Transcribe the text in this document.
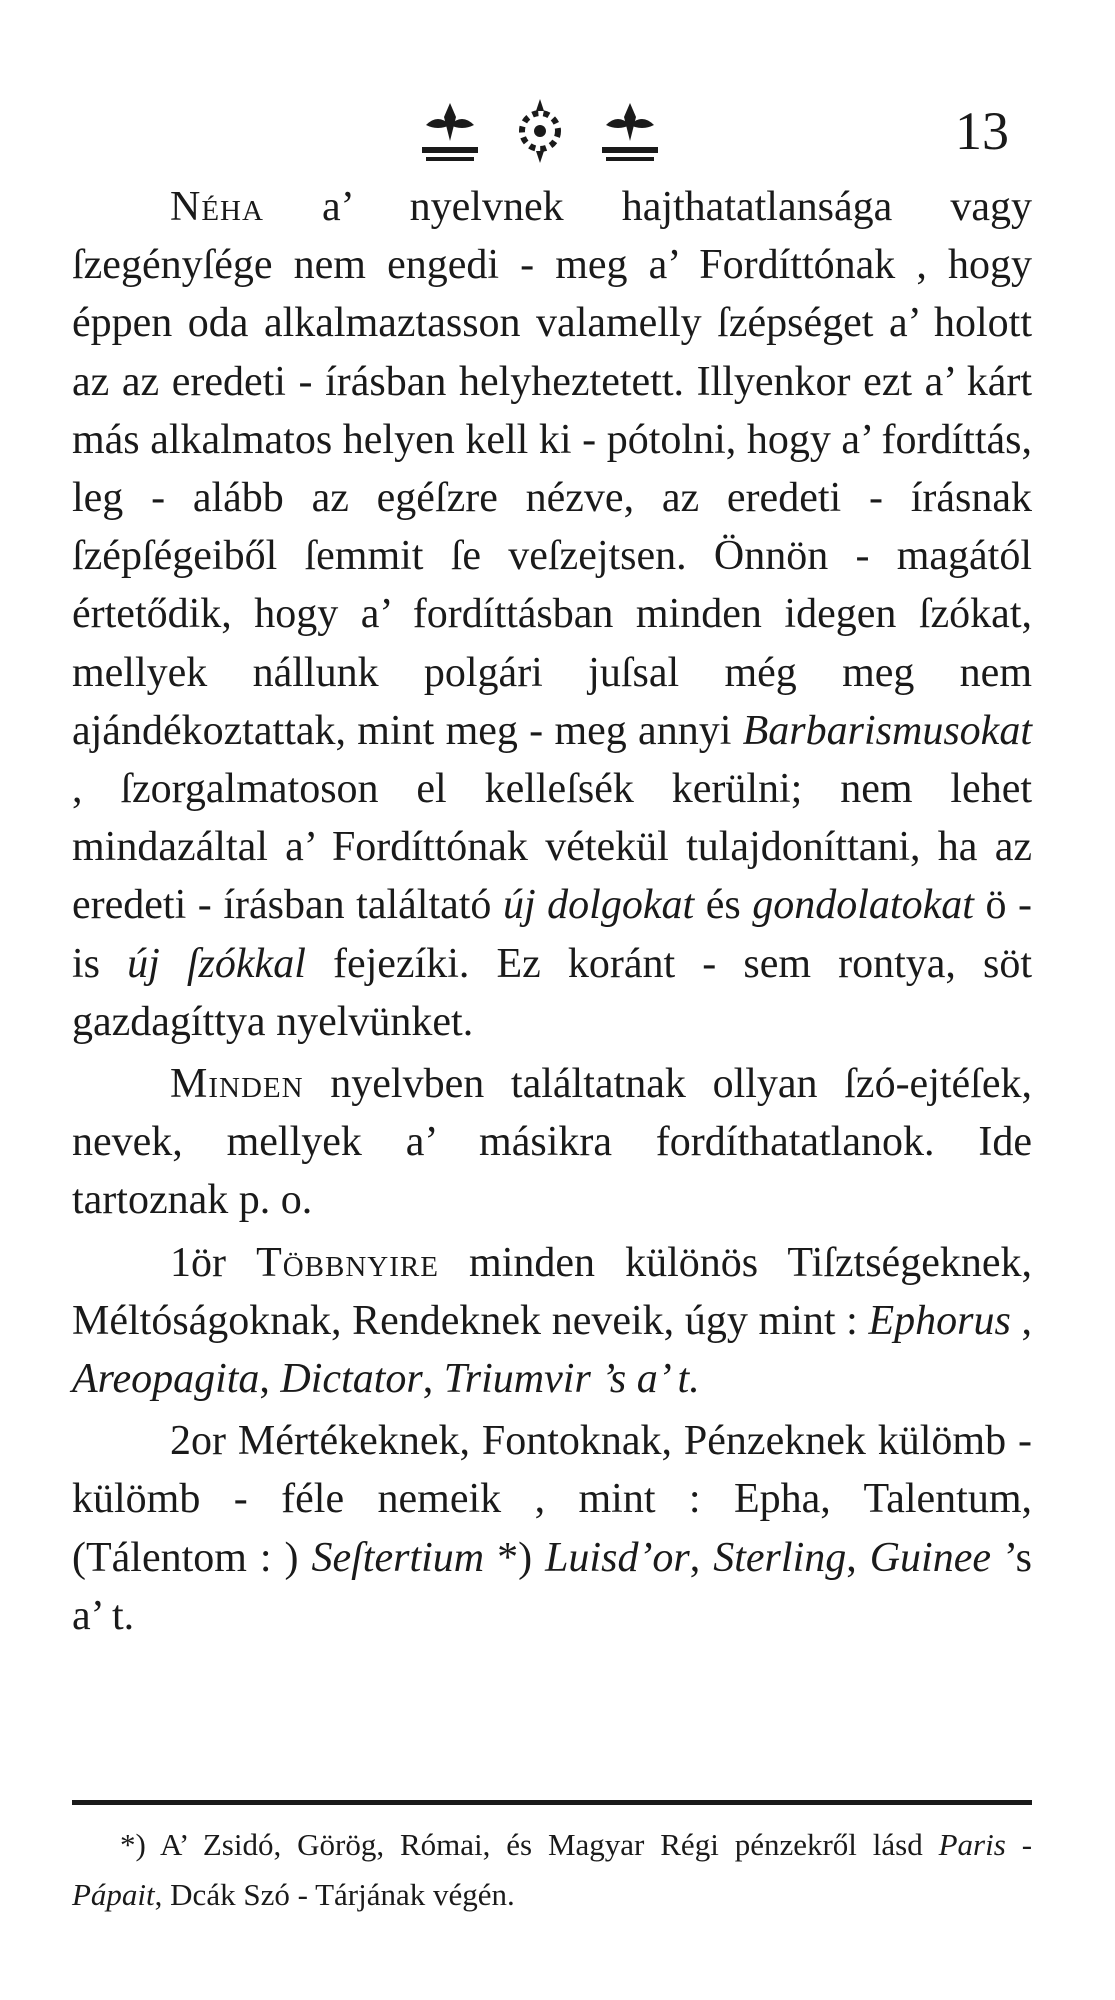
13

Néha a’ nyelvnek hajthatatlansága vagy ſzegényſége nem engedi - meg a’ Fordíttónak , hogy éppen oda alkalmaztasson valamelly ſzépséget a’ holott az az eredeti - írásban helyheztetett. Illyenkor ezt a’ kárt más alkalmatos helyen kell ki - pótolni, hogy a’ fordíttás, leg - alább az egéſzre nézve, az eredeti - írásnak ſzépſégeiből ſemmit ſe veſzejtsen. Önnön - magától értetődik, hogy a’ fordíttásban minden idegen ſzókat, mellyek nállunk polgári juſsal még meg nem ajándékoztattak, mint meg - meg annyi Barbarismusokat , ſzorgalmatoson el kelleſsék kerülni; nem lehet mindazáltal a’ Fordíttónak vétekül tulajdoníttani, ha az eredeti - írásban találtató új dolgokat és gondolatokat ö - is új ſzókkal fejezíki. Ez koránt - sem rontya, söt gazdagíttya nyelvünket.

Minden nyelvben találtatnak ollyan ſzó-ejtéſek, nevek, mellyek a’ másikra fordíthatatlanok. Ide tartoznak p. o.

1ör Többnyire minden különös Tiſztségeknek, Méltóságoknak, Rendeknek neveik, úgy mint : Ephorus , Areopagita, Dictator, Triumvir ’s a’ t.

2or Mértékeknek, Fontoknak, Pénzeknek külömb - külömb - féle nemeik , mint : Epha, Talentum, (Tálentom : ) Seſtertium *) Luisd’or, Sterling, Guinee ’s a’ t.

*) A’ Zsidó, Görög, Római, és Magyar Régi pénzekről lásd Paris - Pápait, Dcák Szó - Tárjának végén.
